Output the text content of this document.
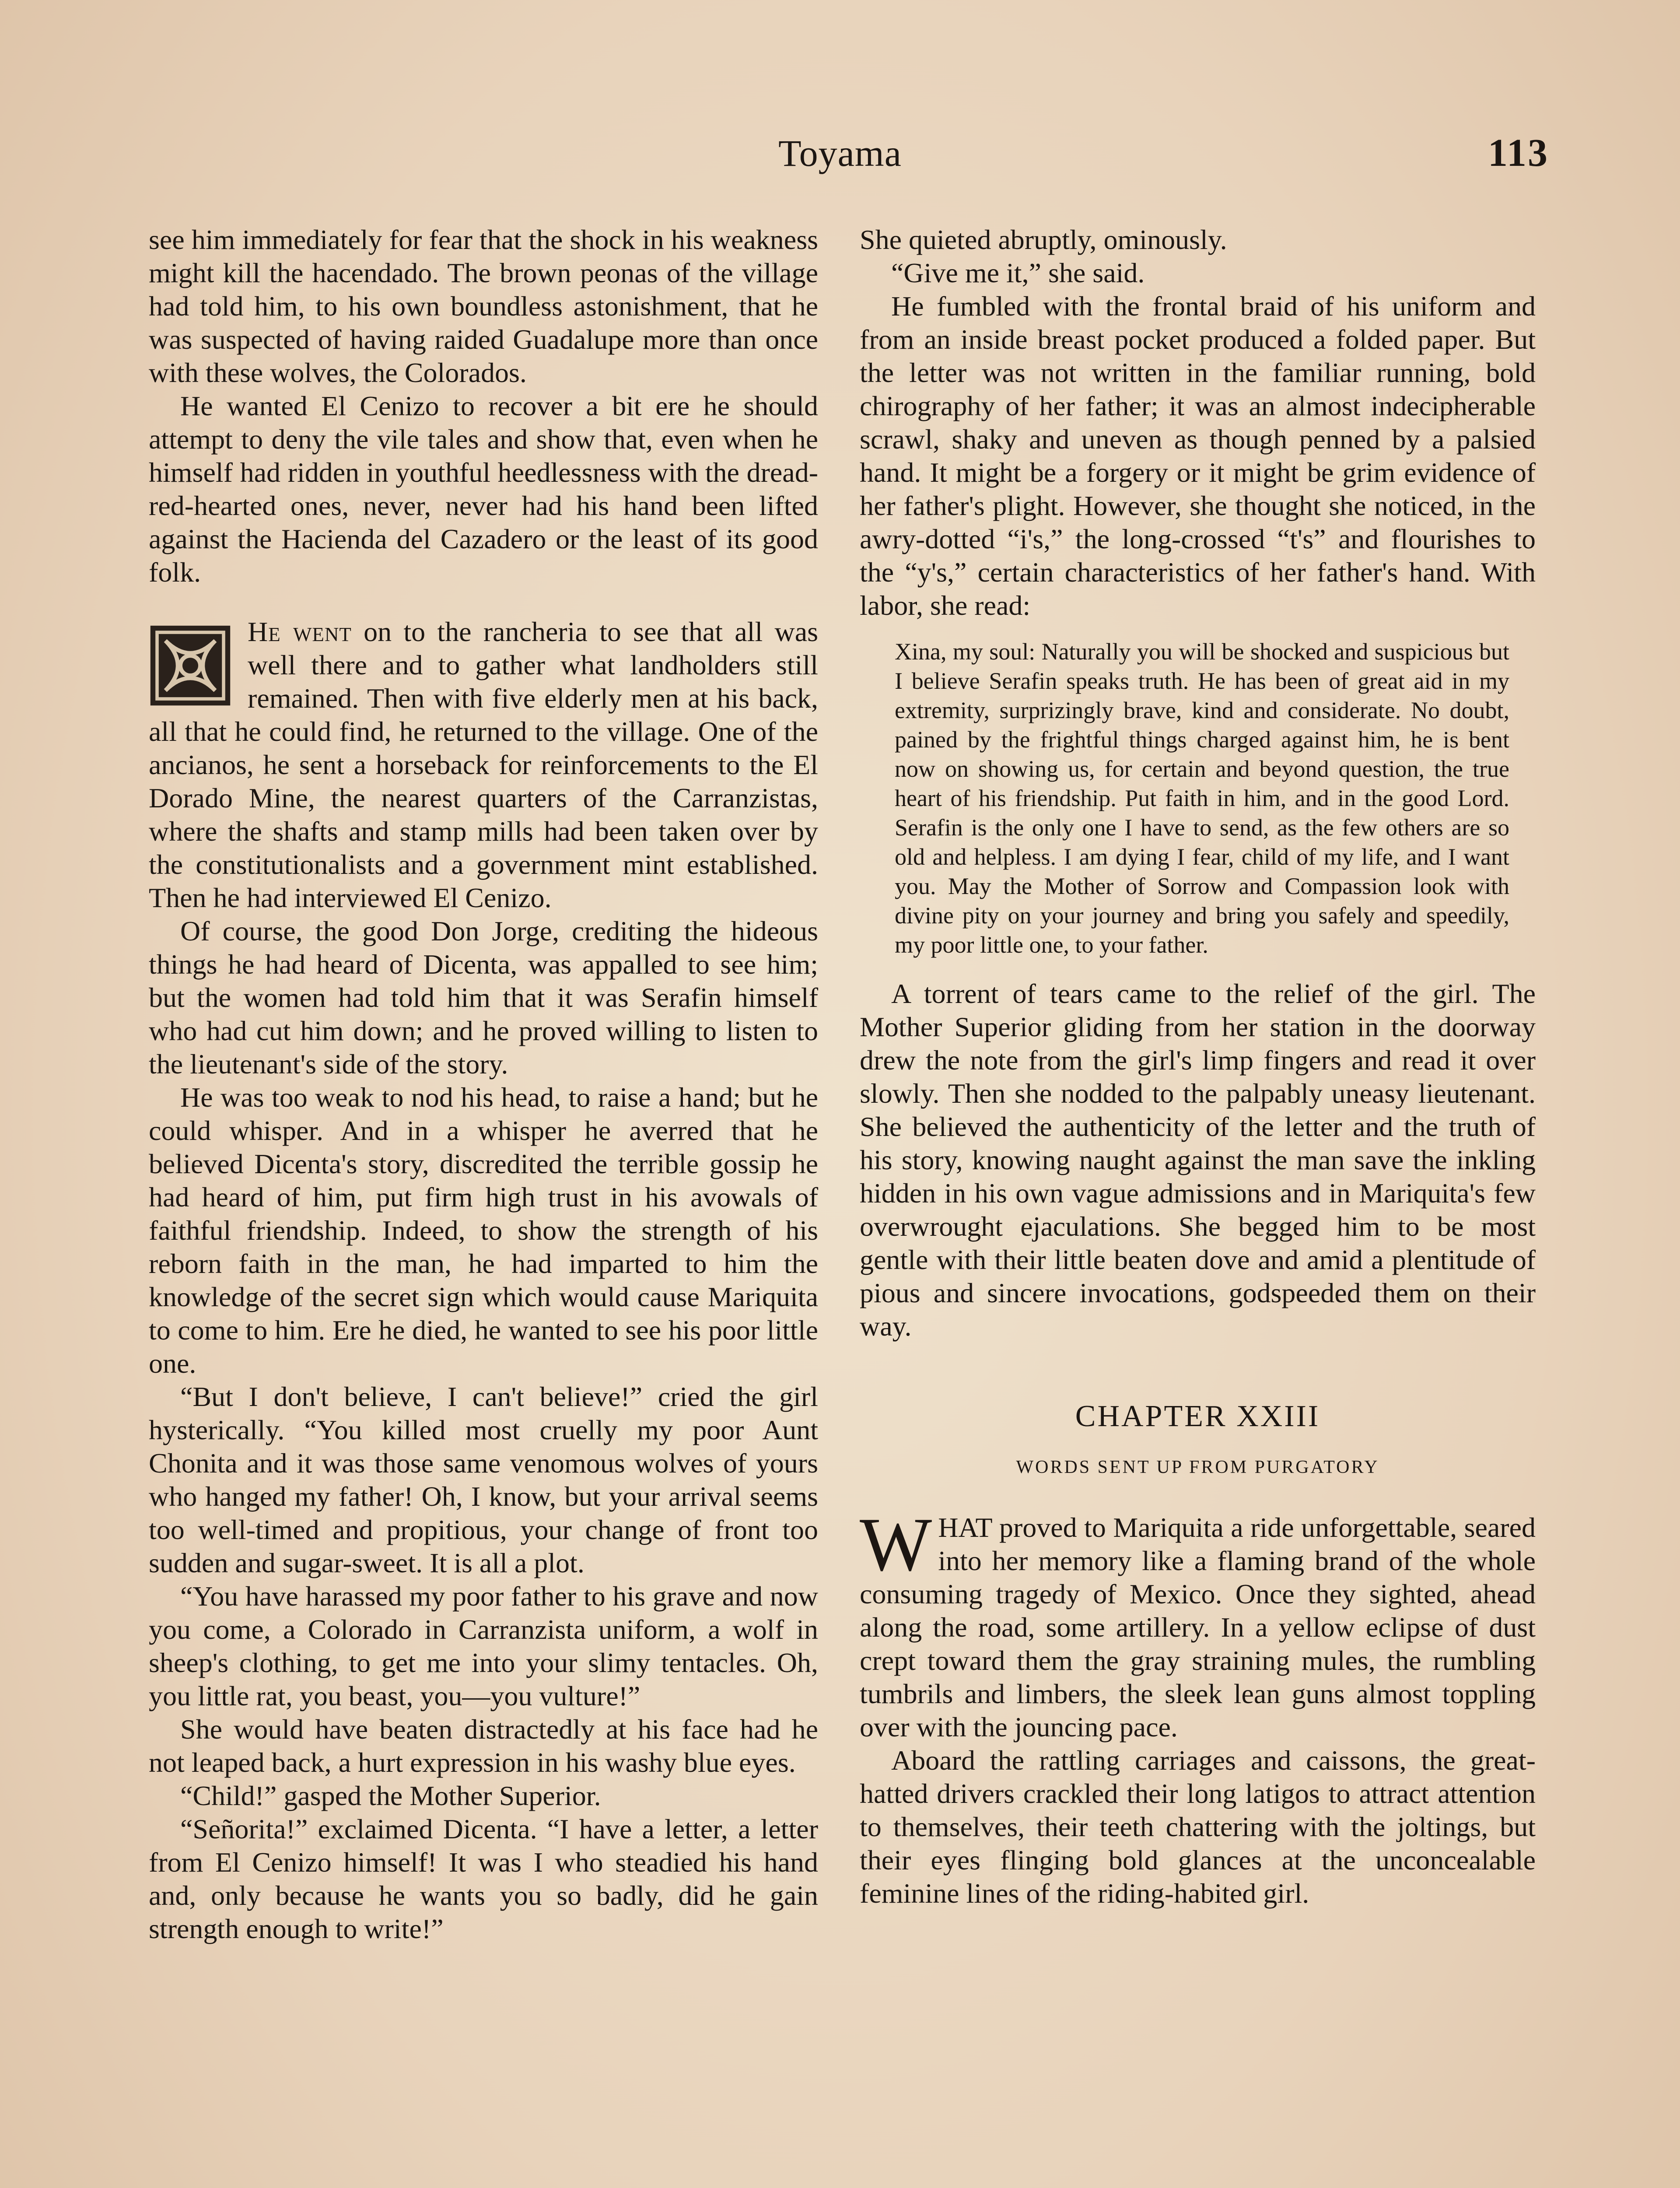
Toyama	113

see him immediately for fear that the shock in his weakness might kill the hacendado. The brown peonas of the village had told him, to his own boundless astonishment, that he was suspected of having raided Guadalupe more than once with these wolves, the Colorados.

He wanted El Cenizo to recover a bit ere he should attempt to deny the vile tales and show that, even when he himself had ridden in youthful heedlessness with the dread-red-hearted ones, never, never had his hand been lifted against the Hacienda del Cazadero or the least of its good folk.

He went on to the rancheria to see that all was well there and to gather what landholders still remained. Then with five elderly men at his back, all that he could find, he returned to the village. One of the ancianos, he sent a horseback for reinforcements to the El Dorado Mine, the nearest quarters of the Carranzistas, where the shafts and stamp mills had been taken over by the constitutionalists and a government mint established. Then he had interviewed El Cenizo.

Of course, the good Don Jorge, crediting the hideous things he had heard of Dicenta, was appalled to see him; but the women had told him that it was Serafin himself who had cut him down; and he proved willing to listen to the lieutenant's side of the story.

He was too weak to nod his head, to raise a hand; but he could whisper. And in a whisper he averred that he believed Dicenta's story, discredited the terrible gossip he had heard of him, put firm high trust in his avowals of faithful friendship. Indeed, to show the strength of his reborn faith in the man, he had imparted to him the knowledge of the secret sign which would cause Mariquita to come to him. Ere he died, he wanted to see his poor little one.

“But I don't believe, I can't believe!” cried the girl hysterically. “You killed most cruelly my poor Aunt Chonita and it was those same venomous wolves of yours who hanged my father! Oh, I know, but your arrival seems too well-timed and propitious, your change of front too sudden and sugar-sweet. It is all a plot.

“You have harassed my poor father to his grave and now you come, a Colorado in Carranzista uniform, a wolf in sheep's clothing, to get me into your slimy tentacles. Oh, you little rat, you beast, you—you vulture!”

She would have beaten distractedly at his face had he not leaped back, a hurt expression in his washy blue eyes.

“Child!” gasped the Mother Superior.

“Señorita!” exclaimed Dicenta. “I have a letter, a letter from El Cenizo himself! It was I who steadied his hand and, only because he wants you so badly, did he gain strength enough to write!”

She quieted abruptly, ominously.

“Give me it,” she said.

He fumbled with the frontal braid of his uniform and from an inside breast pocket produced a folded paper. But the letter was not written in the familiar running, bold chirography of her father; it was an almost indecipherable scrawl, shaky and uneven as though penned by a palsied hand. It might be a forgery or it might be grim evidence of her father's plight. However, she thought she noticed, in the awry-dotted “i's,” the long-crossed “t's” and flourishes to the “y's,” certain characteristics of her father's hand. With labor, she read:

Xina, my soul: Naturally you will be shocked and suspicious but I believe Serafin speaks truth. He has been of great aid in my extremity, surprizingly brave, kind and considerate. No doubt, pained by the frightful things charged against him, he is bent now on showing us, for certain and beyond question, the true heart of his friendship. Put faith in him, and in the good Lord. Serafin is the only one I have to send, as the few others are so old and helpless. I am dying I fear, child of my life, and I want you. May the Mother of Sorrow and Compassion look with divine pity on your journey and bring you safely and speedily, my poor little one, to your father.

A torrent of tears came to the relief of the girl. The Mother Superior gliding from her station in the doorway drew the note from the girl's limp fingers and read it over slowly. Then she nodded to the palpably uneasy lieutenant. She believed the authenticity of the letter and the truth of his story, knowing naught against the man save the inkling hidden in his own vague admissions and in Mariquita's few overwrought ejaculations. She begged him to be most gentle with their little beaten dove and amid a plentitude of pious and sincere invocations, godspeeded them on their way.

CHAPTER XXIII
WORDS SENT UP FROM PURGATORY

WHAT proved to Mariquita a ride unforgettable, seared into her memory like a flaming brand of the whole consuming tragedy of Mexico. Once they sighted, ahead along the road, some artillery. In a yellow eclipse of dust crept toward them the gray straining mules, the rumbling tumbrils and limbers, the sleek lean guns almost toppling over with the jouncing pace.

Aboard the rattling carriages and caissons, the great-hatted drivers crackled their long latigos to attract attention to themselves, their teeth chattering with the joltings, but their eyes flinging bold glances at the unconcealable feminine lines of the riding-habited girl.
